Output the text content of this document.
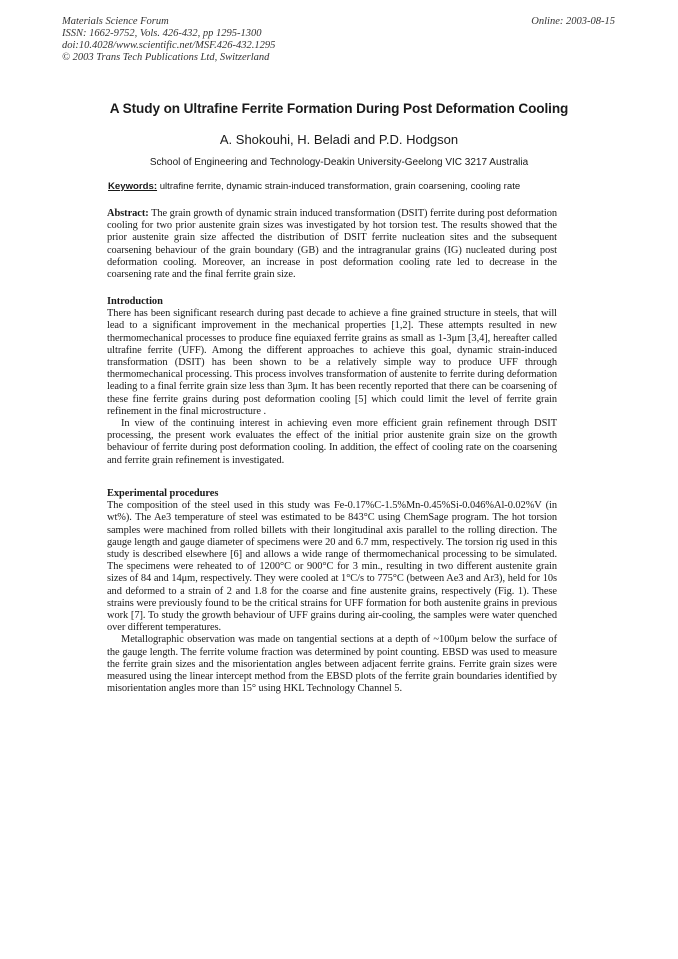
Materials Science Forum
ISSN: 1662-9752, Vols. 426-432, pp 1295-1300
doi:10.4028/www.scientific.net/MSF.426-432.1295
© 2003 Trans Tech Publications Ltd, Switzerland
Online: 2003-08-15
A Study on Ultrafine Ferrite Formation During Post Deformation Cooling
A. Shokouhi, H. Beladi and P.D. Hodgson
School of Engineering and Technology-Deakin University-Geelong VIC 3217 Australia
Keywords: ultrafine ferrite, dynamic strain-induced transformation, grain coarsening, cooling rate

Abstract: The grain growth of dynamic strain induced transformation (DSIT) ferrite during post deformation cooling for two prior austenite grain sizes was investigated by hot torsion test. The results showed that the prior austenite grain size affected the distribution of DSIT ferrite nucleation sites and the subsequent coarsening behaviour of the grain boundary (GB) and the intragranular grains (IG) nucleated during post deformation cooling. Moreover, an increase in post deformation cooling rate led to decrease in the coarsening rate and the final ferrite grain size.

Introduction

There has been significant research during past decade to achieve a fine grained structure in steels, that will lead to a significant improvement in the mechanical properties [1,2]. These attempts resulted in new thermomechanical processes to produce fine equiaxed ferrite grains as small as 1-3μm [3,4], hereafter called ultrafine ferrite (UFF). Among the different approaches to achieve this goal, dynamic strain-induced transformation (DSIT) has been shown to be a relatively simple way to produce UFF through thermomechanical processing. This process involves transformation of austenite to ferrite during deformation leading to a final ferrite grain size less than 3μm. It has been recently reported that there can be coarsening of these fine ferrite grains during post deformation cooling [5] which could limit the level of ferrite grain refinement in the final microstructure .

In view of the continuing interest in achieving even more efficient grain refinement through DSIT processing, the present work evaluates the effect of the initial prior austenite grain size on the growth behaviour of ferrite during post deformation cooling. In addition, the effect of cooling rate on the coarsening and ferrite grain refinement is investigated.

Experimental procedures

The composition of the steel used in this study was Fe-0.17%C-1.5%Mn-0.45%Si-0.046%Al-0.02%V (in wt%). The Ae3 temperature of steel was estimated to be 843°C using ChemSage program. The hot torsion samples were machined from rolled billets with their longitudinal axis parallel to the rolling direction. The gauge length and gauge diameter of specimens were 20 and 6.7 mm, respectively. The torsion rig used in this study is described elsewhere [6] and allows a wide range of thermomechanical processing to be simulated. The specimens were reheated to of 1200°C or 900°C for 3 min., resulting in two different austenite grain sizes of 84 and 14μm, respectively. They were cooled at 1°C/s to 775°C (between Ae3 and Ar3), held for 10s and deformed to a strain of 2 and 1.8 for the coarse and fine austenite grains, respectively (Fig. 1). These strains were previously found to be the critical strains for UFF formation for both austenite grains in previous work [7]. To study the growth behaviour of UFF grains during air-cooling, the samples were water quenched over different temperatures.

Metallographic observation was made on tangential sections at a depth of ~100μm below the surface of the gauge length. The ferrite volume fraction was determined by point counting. EBSD was used to measure the ferrite grain sizes and the misorientation angles between adjacent ferrite grains. Ferrite grain sizes were measured using the linear intercept method from the EBSD plots of the ferrite grain boundaries identified by misorientation angles more than 15° using HKL Technology Channel 5.
